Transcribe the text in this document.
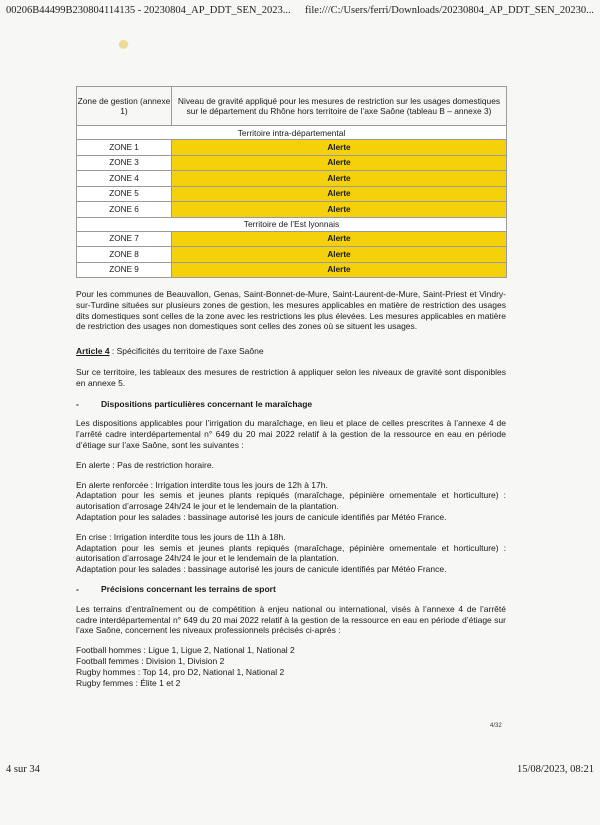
00206B44499B230804114135 - 20230804_AP_DDT_SEN_2023... file:///C:/Users/ferri/Downloads/20230804_AP_DDT_SEN_20230...
Zone de gestion (annexe 1)	Niveau de gravité appliqué pour les mesures de restriction sur les usages domestiques sur le département du Rhône hors territoire de l’axe Saône (tableau B – annexe 3)
Territoire intra-départemental	
ZONE 1	Alerte
ZONE 3	Alerte
ZONE 4	Alerte
ZONE 5	Alerte
ZONE 6	Alerte
Territoire de l’Est lyonnais	
ZONE 7	Alerte
ZONE 8	Alerte
ZONE 9	Alerte

Pour les communes de Beauvallon, Genas, Saint-Bonnet-de-Mure, Saint-Laurent-de-Mure, Saint-Priest et Vindry-sur-Turdine situées sur plusieurs zones de gestion, les mesures applicables en matière de restriction des usages dits domestiques sont celles de la zone avec les restrictions les plus élevées. Les mesures applicables en matière de restriction des usages non domestiques sont celles des zones où se situent les usages.

Article 4 : Spécificités du territoire de l’axe Saône

Sur ce territoire, les tableaux des mesures de restriction à appliquer selon les niveaux de gravité sont disponibles en annexe 5.

-	Dispositions particulières concernant le maraîchage

Les dispositions applicables pour l’irrigation du maraîchage, en lieu et place de celles prescrites à l’annexe 4 de l’arrêté cadre interdépartemental n° 649 du 20 mai 2022 relatif à la gestion de la ressource en eau en période d’étiage sur l’axe Saône, sont les suivantes :

En alerte : Pas de restriction horaire.

En alerte renforcée : Irrigation interdite tous les jours de 12h à 17h.

Adaptation pour les semis et jeunes plants repiqués (maraîchage, pépinière ornementale et horticulture) : autorisation d’arrosage 24h/24 le jour et le lendemain de la plantation.

Adaptation pour les salades : bassinage autorisé les jours de canicule identifiés par Météo France.

En crise : Irrigation interdite tous les jours de 11h à 18h.

Adaptation pour les semis et jeunes plants repiqués (maraîchage, pépinière ornementale et horticulture) : autorisation d’arrosage 24h/24 le jour et le lendemain de la plantation.

Adaptation pour les salades : bassinage autorisé les jours de canicule identifiés par Météo France.

-	Précisions concernant les terrains de sport

Les terrains d’entraînement ou de compétition à enjeu national ou international, visés à l’annexe 4 de l’arrêté cadre interdépartemental n° 649 du 20 mai 2022 relatif à la gestion de la ressource en eau en période d’étiage sur l’axe Saône, concernent les niveaux professionnels précisés ci-après :

Football hommes : Ligue 1, Ligue 2, National 1, National 2
Football femmes : Division 1, Division 2
Rugby hommes : Top 14, pro D2, National 1, National 2
Rugby femmes : Élite 1 et 2
4/32
4 sur 34	15/08/2023, 08:21
